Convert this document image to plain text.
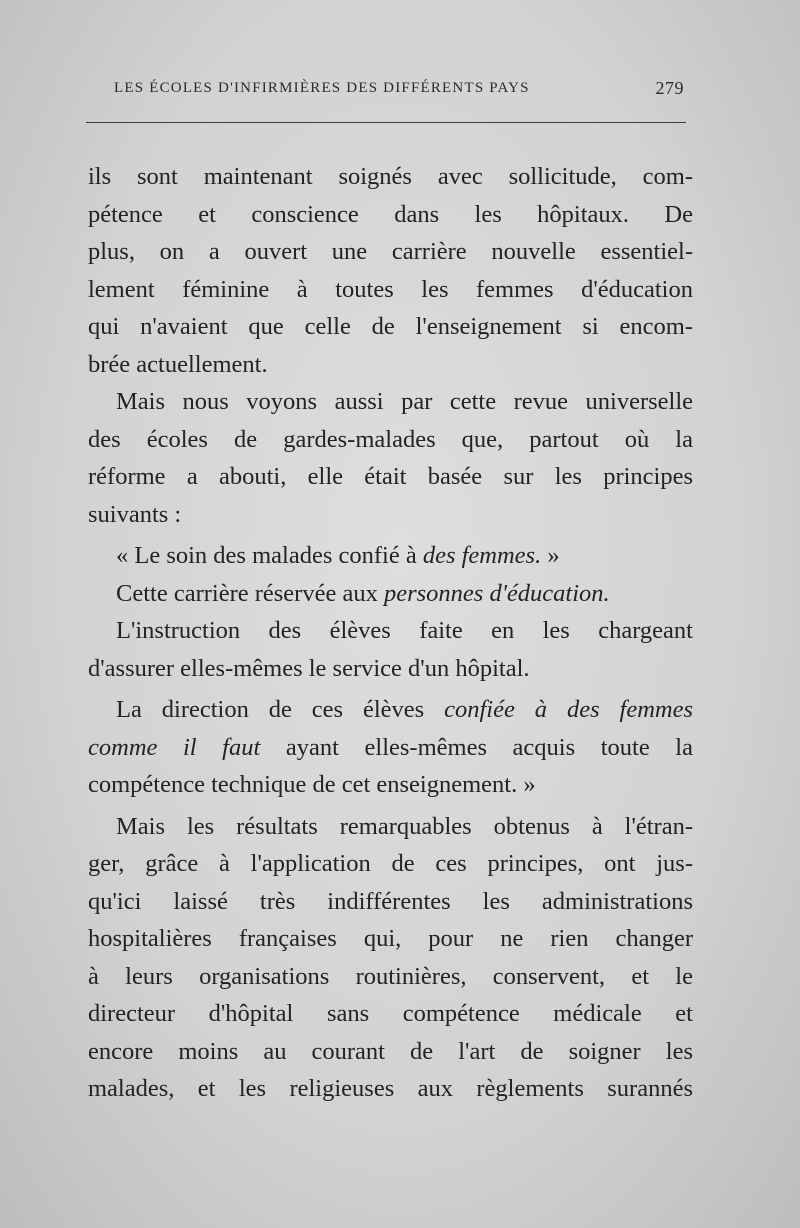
LES ÉCOLES D'INFIRMIÈRES DES DIFFÉRENTS PAYS	279
ils sont maintenant soignés avec sollicitude, com-
pétence et conscience dans les hôpitaux. De
plus, on a ouvert une carrière nouvelle essentiel-
lement féminine à toutes les femmes d'éducation
qui n'avaient que celle de l'enseignement si encom-
brée actuellement.
Mais nous voyons aussi par cette revue universelle
des écoles de gardes-malades que, partout où la
réforme a abouti, elle était basée sur les principes
suivants :
« Le soin des malades confié à des femmes. »
Cette carrière réservée aux personnes d'éducation.
L'instruction des élèves faite en les chargeant
d'assurer elles-mêmes le service d'un hôpital.
La direction de ces élèves confiée à des femmes
comme il faut ayant elles-mêmes acquis toute la
compétence technique de cet enseignement. »
Mais les résultats remarquables obtenus à l'étran-
ger, grâce à l'application de ces principes, ont jus-
qu'ici laissé très indifférentes les administrations
hospitalières françaises qui, pour ne rien changer
à leurs organisations routinières, conservent, et le
directeur d'hôpital sans compétence médicale et
encore moins au courant de l'art de soigner les
malades, et les religieuses aux règlements surannés
